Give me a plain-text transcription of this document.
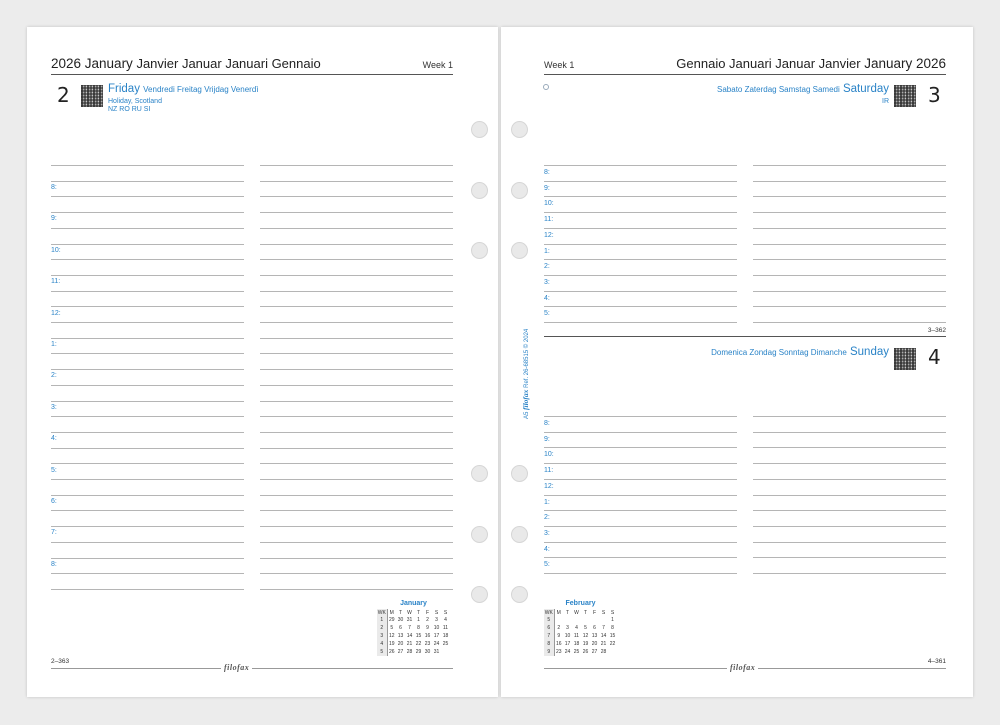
2026 January Janvier Januar Januari Gennaio	Week 1
2	Friday Vendredi Freitag Vrijdag Venerdì
Holiday, Scotland
NZ RO RU SI
8:
9:
10:
11:
12:
1:
2:
3:
4:
5:
6:
7:
8:
January
WK	M	T	W	T	F	S	S
1	29	30	31	1	2	3	4
2	5	6	7	8	9	10	11
3	12	13	14	15	16	17	18
4	19	20	21	22	23	24	25
5	26	27	28	29	30	31	
2–363
filofax
Week 1	Gennaio Januari Januar Janvier January 2026
Sabato Zaterdag Samstag Samedi Saturday
IR 3
8:
9:
10:
11:
12:
1:
2:
3:
4:
5:
3–362
Domenica Zondag Sonntag Dimanche Sunday 4
8:
9:
10:
11:
12:
1:
2:
3:
4:
5:
February
WK	M	T	W	T	F	S	S
5							1
6	2	3	4	5	6	7	8
7	9	10	11	12	13	14	15
8	16	17	18	19	20	21	22
9	23	24	25	26	27	28	
filofax
4–361
A5 filofax Ref. 26-68515 © 2024
